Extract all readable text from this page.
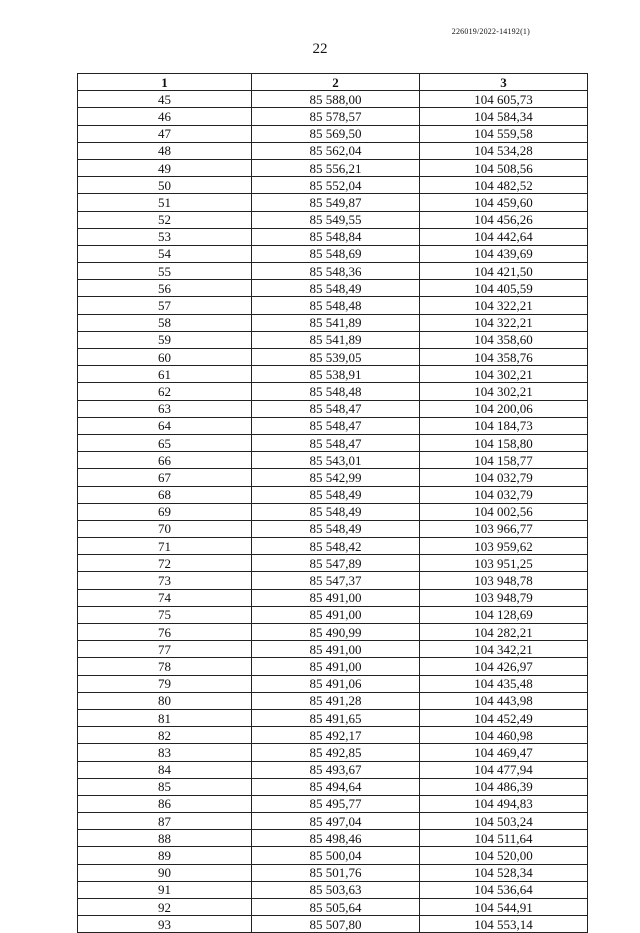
226019/2022-14192(1)
22
1	2	3
45	85 588,00	104 605,73
46	85 578,57	104 584,34
47	85 569,50	104 559,58
48	85 562,04	104 534,28
49	85 556,21	104 508,56
50	85 552,04	104 482,52
51	85 549,87	104 459,60
52	85 549,55	104 456,26
53	85 548,84	104 442,64
54	85 548,69	104 439,69
55	85 548,36	104 421,50
56	85 548,49	104 405,59
57	85 548,48	104 322,21
58	85 541,89	104 322,21
59	85 541,89	104 358,60
60	85 539,05	104 358,76
61	85 538,91	104 302,21
62	85 548,48	104 302,21
63	85 548,47	104 200,06
64	85 548,47	104 184,73
65	85 548,47	104 158,80
66	85 543,01	104 158,77
67	85 542,99	104 032,79
68	85 548,49	104 032,79
69	85 548,49	104 002,56
70	85 548,49	103 966,77
71	85 548,42	103 959,62
72	85 547,89	103 951,25
73	85 547,37	103 948,78
74	85 491,00	103 948,79
75	85 491,00	104 128,69
76	85 490,99	104 282,21
77	85 491,00	104 342,21
78	85 491,00	104 426,97
79	85 491,06	104 435,48
80	85 491,28	104 443,98
81	85 491,65	104 452,49
82	85 492,17	104 460,98
83	85 492,85	104 469,47
84	85 493,67	104 477,94
85	85 494,64	104 486,39
86	85 495,77	104 494,83
87	85 497,04	104 503,24
88	85 498,46	104 511,64
89	85 500,04	104 520,00
90	85 501,76	104 528,34
91	85 503,63	104 536,64
92	85 505,64	104 544,91
93	85 507,80	104 553,14
